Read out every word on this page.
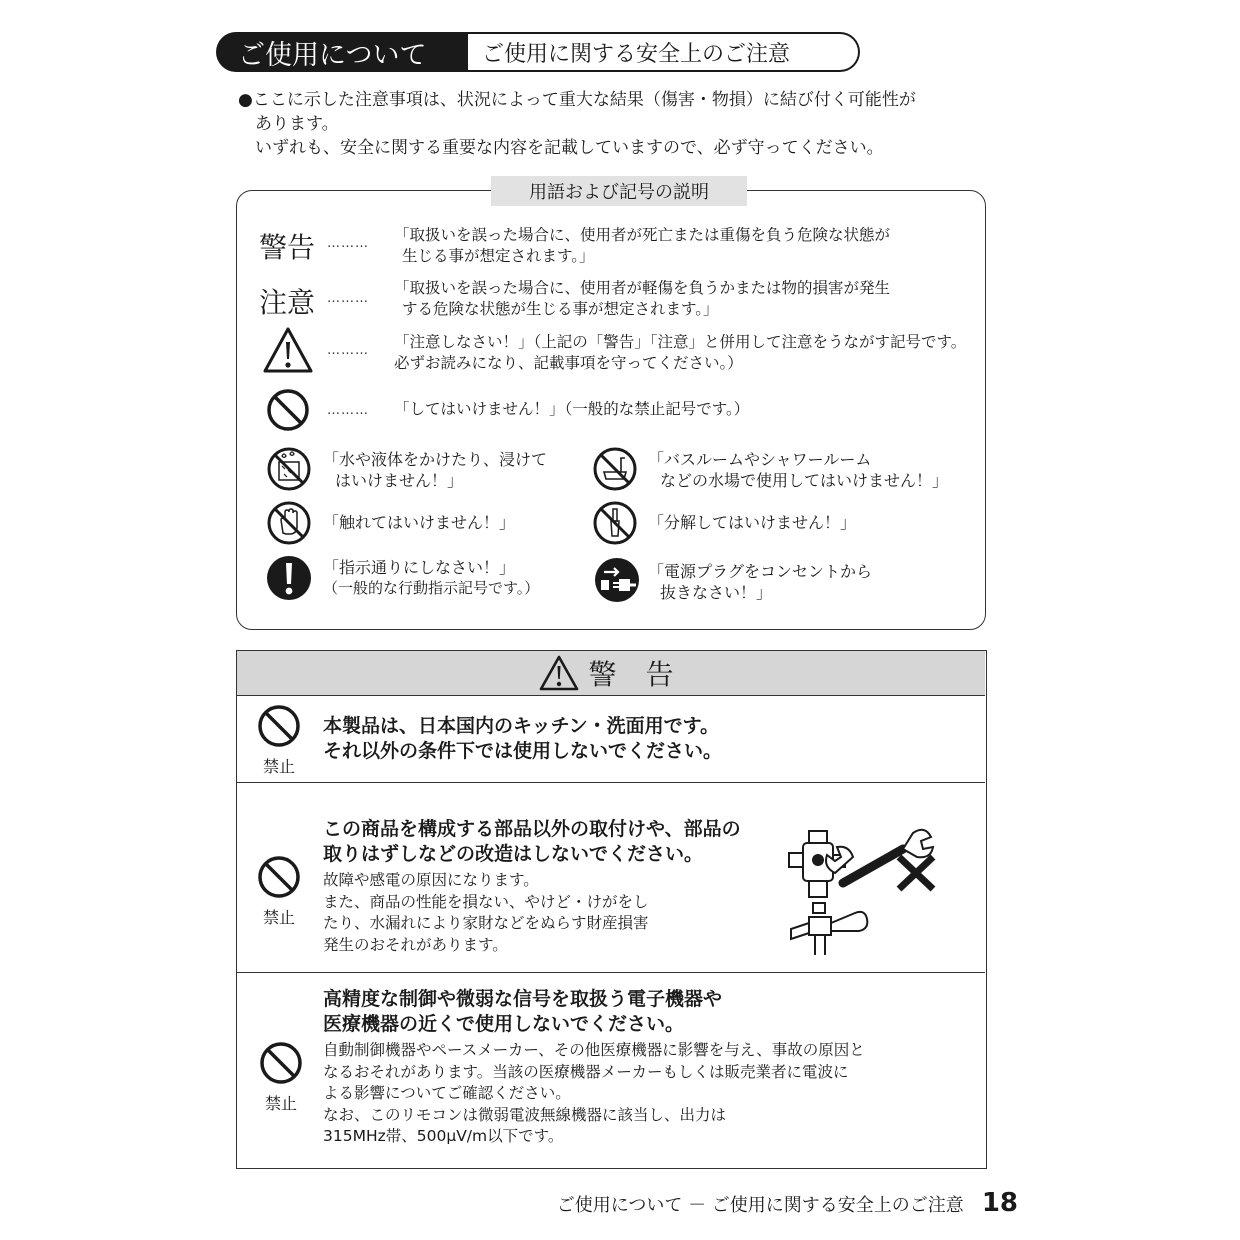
ご使用について	ご使用に関する安全上のご注意

●ここに示した注意事項は、状況によって重大な結果（傷害・物損）に結び付く可能性が

あります。

いずれも、安全に関する重要な内容を記載していますので、必ず守ってください。

用語および記号の説明
警告 ……… 「取扱いを誤った場合に、使用者が死亡または重傷を負う危険な状態が
生じる事が想定されます。」
注意 ………
「取扱いを誤った場合に、使用者が軽傷を負うかまたは物的損害が発生
する危険な状態が生じる事が想定されます。」
……… 「注意しなさい！」（上記の「警告」「注意」と併用して注意をうながす記号です。
必ずお読みになり、記載事項を守ってください。）
……… 「してはいけません！」（一般的な禁止記号です。）
「水や液体をかけたり、浸けて
はいけません！」
「バスルームやシャワールーム
などの水場で使用してはいけません！」
「触れてはいけません！」	「分解してはいけません！」
「指示通りにしなさい！」
（一般的な行動指示記号です。）
「電源プラグをコンセントから
抜きなさい！」
警 告
禁止
本製品は、日本国内のキッチン・洗面用です。
それ以外の条件下では使用しないでください。
禁止
この商品を構成する部品以外の取付けや、部品の
取りはずしなどの改造はしないでください。
故障や感電の原因になります。
また、商品の性能を損ない、やけど・けがをし
たり、水漏れにより家財などをぬらす財産損害
発生のおそれがあります。
禁止
高精度な制御や微弱な信号を取扱う電子機器や
医療機器の近くで使用しないでください。
自動制御機器やペースメーカー、その他医療機器に影響を与え、事故の原因と
なるおそれがあります。当該の医療機器メーカーもしくは販売業者に電波に
よる影響についてご確認ください。
なお、このリモコンは微弱電波無線機器に該当し、出力は
315MHz帯、500μV/m以下です。
ご使用について － ご使用に関する安全上のご注意 18
